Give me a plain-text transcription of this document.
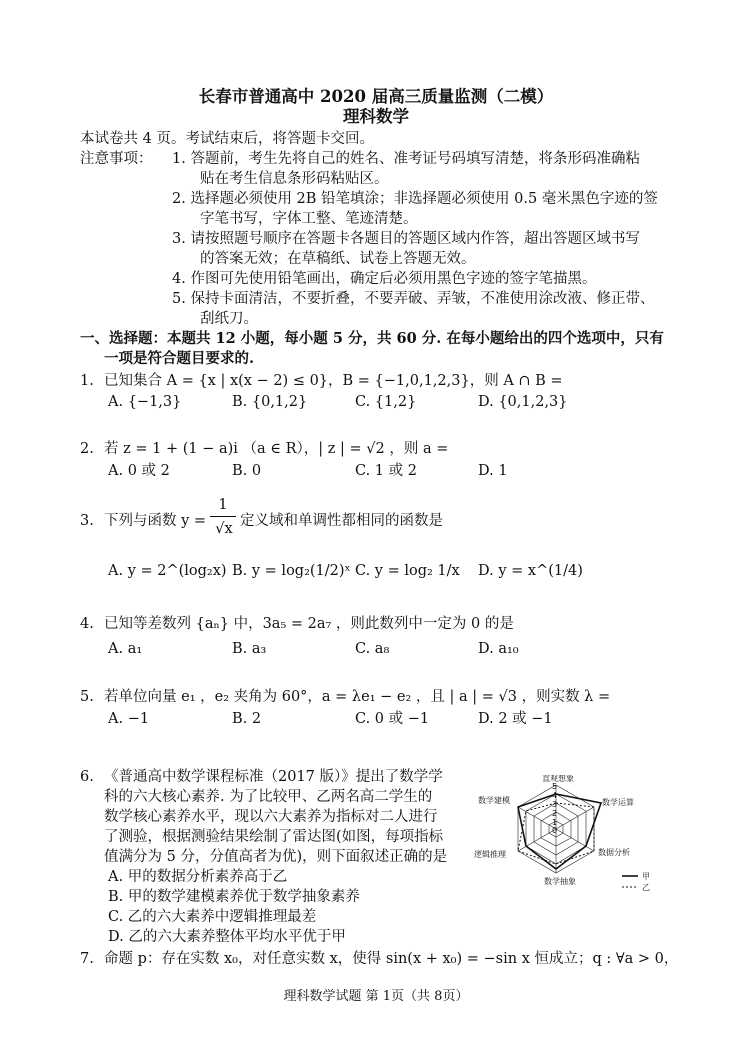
长春市普通高中 2020 届高三质量监测（二模）
理科数学
本试卷共 4 页。考试结束后，将答题卡交回。
注意事项： 1. 答题前，考生先将自己的姓名、准考证号码填写清楚，将条形码准确粘
贴在考生信息条形码粘贴区。
2. 选择题必须使用 2B 铅笔填涂；非选择题必须使用 0.5 毫米黑色字迹的签
字笔书写，字体工整、笔迹清楚。
3. 请按照题号顺序在答题卡各题目的答题区域内作答，超出答题区域书写
的答案无效；在草稿纸、试卷上答题无效。
4. 作图可先使用铅笔画出，确定后必须用黑色字迹的签字笔描黑。
5. 保持卡面清洁，不要折叠，不要弄破、弄皱，不准使用涂改液、修正带、
刮纸刀。
一、选择题：本题共 12 小题，每小题 5 分，共 60 分. 在每小题给出的四个选项中，只有
一项是符合题目要求的.
1. 已知集合 A = {x | x(x − 2) ≤ 0}，B = {−1,0,1,2,3}，则 A ∩ B =
A. {−1,3}	B. {0,1,2}	C. {1,2}	D. {0,1,2,3}
2. 若 z = 1 + (1 − a)i （a ∈ R），| z | = √2 ，则 a =
A. 0 或 2	B. 0	C. 1 或 2	D. 1
3. 下列与函数 y =
1
√x 定义域和单调性都相同的函数是
A. y = 2^(log₂x) B. y = log₂(1/2)ˣ C. y = log₂ 1/x D. y = x^(1/4)
4. 已知等差数列 {aₙ} 中，3a₅ = 2a₇ ，则此数列中一定为 0 的是
A. a₁	B. a₃	C. a₈	D. a₁₀
5. 若单位向量 e₁ ，e₂ 夹角为 60°，a = λe₁ − e₂ ，且 | a | = √3 ，则实数 λ =
A. −1	B. 2	C. 0 或 −1	D. 2 或 −1
6. 《普通高中数学课程标准（2017 版）》提出了数学学
科的六大核心素养. 为了比较甲、乙两名高二学生的
数学核心素养水平，现以六大素养为指标对二人进行
了测验，根据测验结果绘制了雷达图(如图，每项指标
值满分为 5 分，分值高者为优)，则下面叙述正确的是
A. 甲的数据分析素养高于乙
B. 甲的数学建模素养优于数学抽象素养
C. 乙的六大素养中逻辑推理最差
D. 乙的六大素养整体平均水平优于甲
直观想象
数学运算
数据分析
数学抽象
逻辑推理
数学建模
5
4
3
2
1
0
甲
乙
7. 命题 p：存在实数 x₀，对任意实数 x，使得 sin(x + x₀) = −sin x 恒成立；q : ∀a > 0，
理科数学试题 第 1页（共 8页）
